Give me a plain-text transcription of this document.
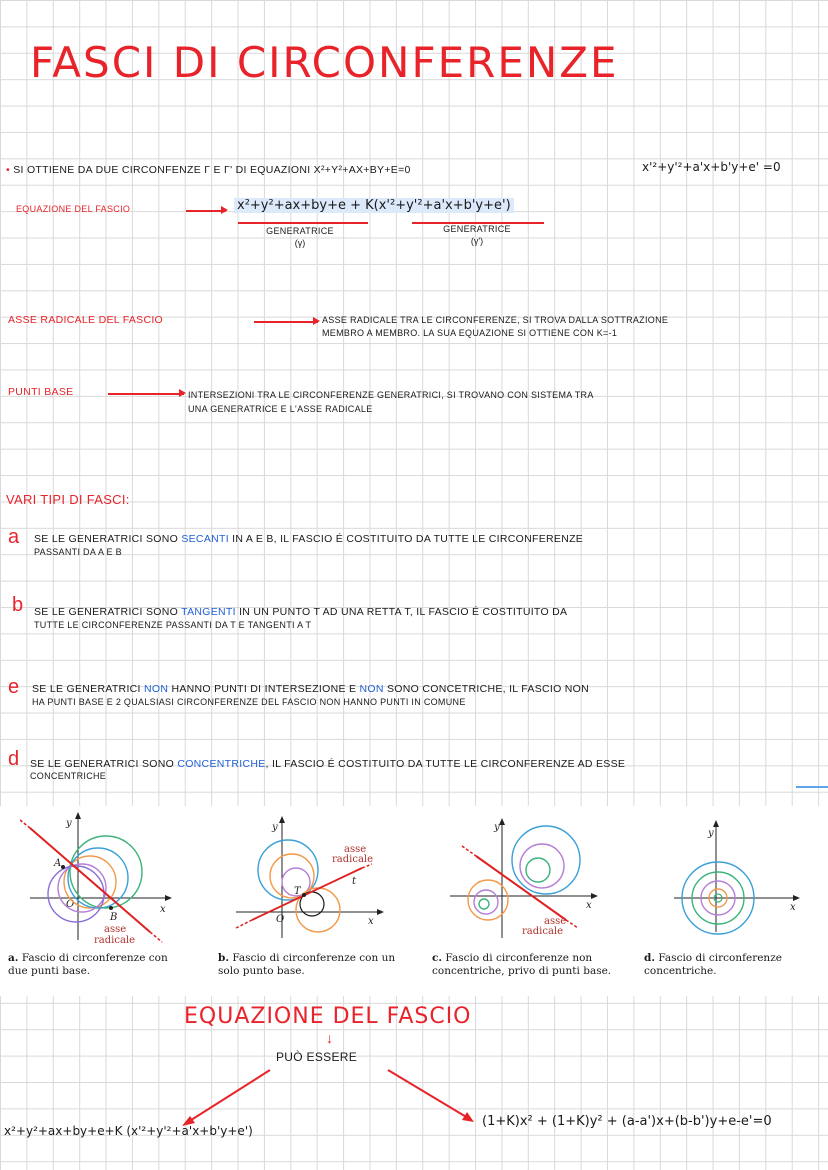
FASCI DI CIRCONFERENZE
• SI OTTIENE DA DUE CIRCONFENZE Γ E Γ' DI EQUAZIONI X²+Y²+AX+BY+E=0	x'²+y'²+a'x+b'y+e' =0
EQUAZIONE DEL FASCIO	x²+y²+ax+by+e + K(x'²+y'²+a'x+b'y+e')
GENERATRICE
(γ)
GENERATRICE
(γ')
ASSE RADICALE DEL FASCIO	ASSE RADICALE TRA LE CIRCONFERENZE, SI TROVA DALLA SOTTRAZIONE
MEMBRO A MEMBRO. LA SUA EQUAZIONE SI OTTIENE CON K=-1
PUNTI BASE	INTERSEZIONI TRA LE CIRCONFERENZE GENERATRICI, SI TROVANO CON SISTEMA TRA
UNA GENERATRICE E L'ASSE RADICALE
VARI TIPI DI FASCI:
a SE LE GENERATRICI SONO SECANTI IN A E B, IL FASCIO É COSTITUITO DA TUTTE LE CIRCONFERENZE
PASSANTI DA A E B
b SE LE GENERATRICI SONO TANGENTI IN UN PUNTO T AD UNA RETTA T, IL FASCIO É COSTITUITO DA
TUTTE LE CIRCONFERENZE PASSANTI DA T E TANGENTI A T
e SE LE GENERATRICI NON HANNO PUNTI DI INTERSEZIONE E NON SONO CONCETRICHE, IL FASCIO NON
HA PUNTI BASE E 2 QUALSIASI CIRCONFERENZE DEL FASCIO NON HANNO PUNTI IN COMUNE
d SE LE GENERATRICI SONO CONCENTRICHE, IL FASCIO É COSTITUITO DA TUTTE LE CIRCONFERENZE AD ESSE
CONCENTRICHE
y
x
O
A
B
asse
radicale
a. Fascio di circonferenze con due punti base.
y
x
O
T
t
asse
radicale
b. Fascio di circonferenze con un solo punto base.
y
x
asse
radicale
c. Fascio di circonferenze non concentriche, privo di punti base.
y
x
d. Fascio di circonferenze concentriche.
EQUAZIONE DEL FASCIO
↓
PUÒ ESSERE
x²+y²+ax+by+e+K (x'²+y'²+a'x+b'y+e')
(1+K)x² + (1+K)y² + (a-a')x+(b-b')y+e-e'=0
